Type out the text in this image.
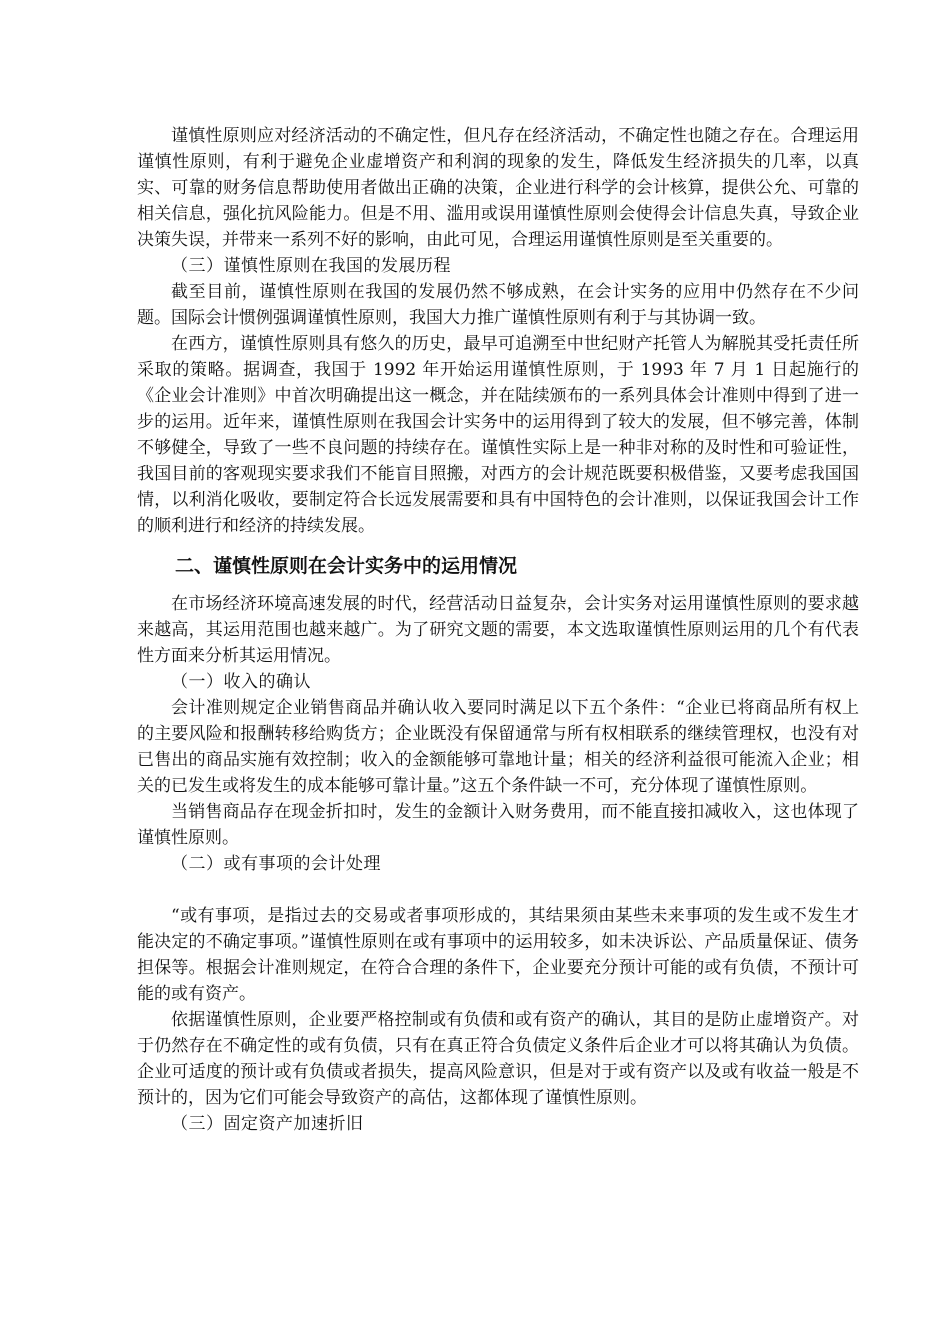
谨慎性原则应对经济活动的不确定性，但凡存在经济活动，不确定性也随之存在。合理运用谨慎性原则，有利于避免企业虚增资产和利润的现象的发生，降低发生经济损失的几率，以真实、可靠的财务信息帮助使用者做出正确的决策，企业进行科学的会计核算，提供公允、可靠的相关信息，强化抗风险能力。但是不用、滥用或误用谨慎性原则会使得会计信息失真，导致企业决策失误，并带来一系列不好的影响，由此可见，合理运用谨慎性原则是至关重要的。

（三）谨慎性原则在我国的发展历程

截至目前，谨慎性原则在我国的发展仍然不够成熟，在会计实务的应用中仍然存在不少问题。国际会计惯例强调谨慎性原则，我国大力推广谨慎性原则有利于与其协调一致。

在西方，谨慎性原则具有悠久的历史，最早可追溯至中世纪财产托管人为解脱其受托责任所采取的策略。据调查，我国于 1992 年开始运用谨慎性原则，于 1993 年 7 月 1 日起施行的《企业会计准则》中首次明确提出这一概念，并在陆续颁布的一系列具体会计准则中得到了进一步的运用。近年来，谨慎性原则在我国会计实务中的运用得到了较大的发展，但不够完善，体制不够健全，导致了一些不良问题的持续存在。谨慎性实际上是一种非对称的及时性和可验证性，我国目前的客观现实要求我们不能盲目照搬，对西方的会计规范既要积极借鉴，又要考虑我国国情，以利消化吸收，要制定符合长远发展需要和具有中国特色的会计准则，以保证我国会计工作的顺利进行和经济的持续发展。

二、谨慎性原则在会计实务中的运用情况

在市场经济环境高速发展的时代，经营活动日益复杂，会计实务对运用谨慎性原则的要求越来越高，其运用范围也越来越广。为了研究文题的需要，本文选取谨慎性原则运用的几个有代表性方面来分析其运用情况。

（一）收入的确认

会计准则规定企业销售商品并确认收入要同时满足以下五个条件：“企业已将商品所有权上的主要风险和报酬转移给购货方；企业既没有保留通常与所有权相联系的继续管理权，也没有对已售出的商品实施有效控制；收入的金额能够可靠地计量；相关的经济利益很可能流入企业；相关的已发生或将发生的成本能够可靠计量。”这五个条件缺一不可，充分体现了谨慎性原则。

当销售商品存在现金折扣时，发生的金额计入财务费用，而不能直接扣减收入，这也体现了谨慎性原则。

（二）或有事项的会计处理

“或有事项，是指过去的交易或者事项形成的，其结果须由某些未来事项的发生或不发生才能决定的不确定事项。”谨慎性原则在或有事项中的运用较多，如未决诉讼、产品质量保证、债务担保等。根据会计准则规定，在符合合理的条件下，企业要充分预计可能的或有负债，不预计可能的或有资产。

依据谨慎性原则，企业要严格控制或有负债和或有资产的确认，其目的是防止虚增资产。对于仍然存在不确定性的或有负债，只有在真正符合负债定义条件后企业才可以将其确认为负债。企业可适度的预计或有负债或者损失，提高风险意识，但是对于或有资产以及或有收益一般是不预计的，因为它们可能会导致资产的高估，这都体现了谨慎性原则。

（三）固定资产加速折旧
